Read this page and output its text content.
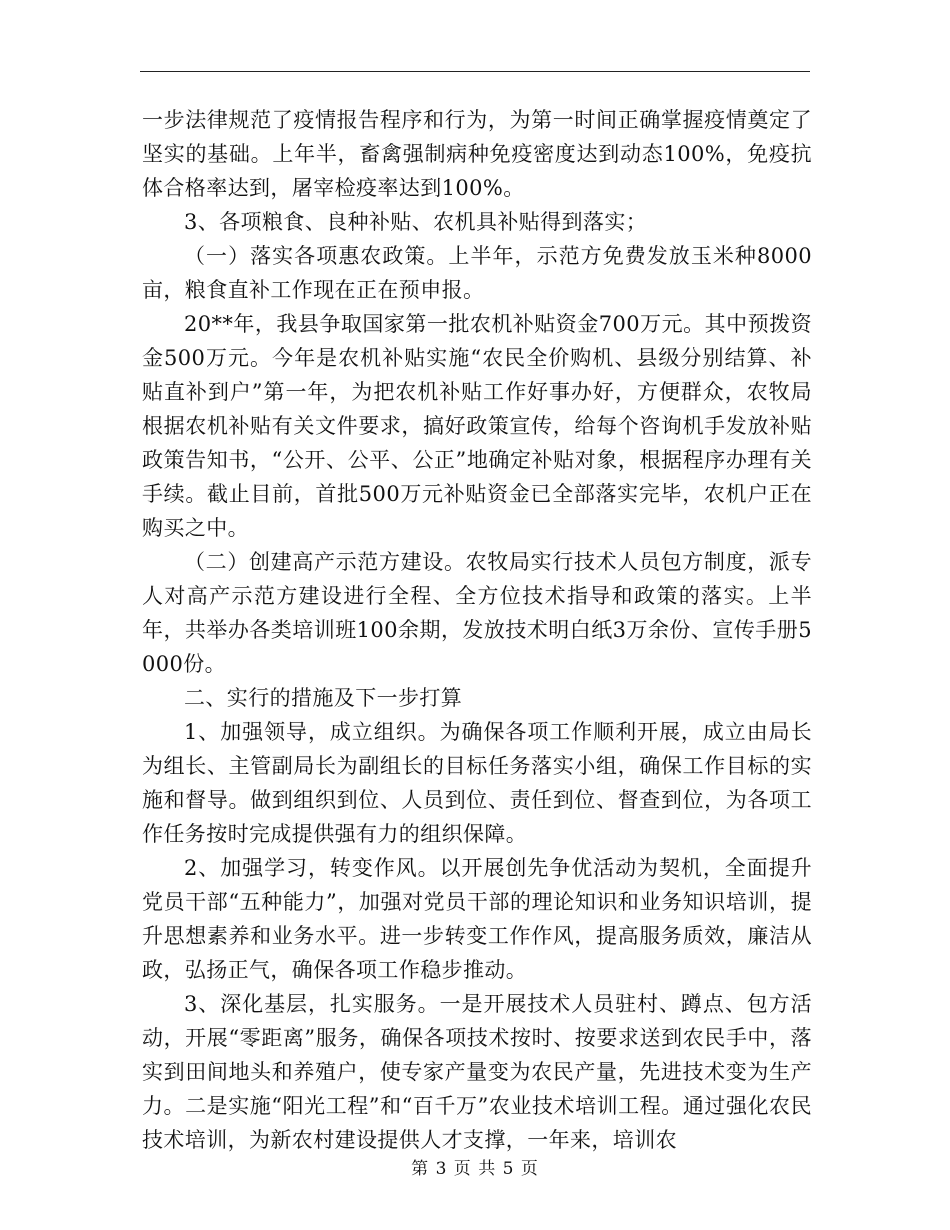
一步法律规范了疫情报告程序和行为，为第一时间正确掌握疫情奠定了坚实的基础。上年半，畜禽强制病种免疫密度达到动态100%，免疫抗体合格率达到，屠宰检疫率达到100%。

3、各项粮食、良种补贴、农机具补贴得到落实；

（一）落实各项惠农政策。上半年，示范方免费发放玉米种8000亩，粮食直补工作现在正在预申报。

20**年，我县争取国家第一批农机补贴资金700万元。其中预拨资金500万元。今年是农机补贴实施“农民全价购机、县级分别结算、补贴直补到户”第一年，为把农机补贴工作好事办好，方便群众，农牧局根据农机补贴有关文件要求，搞好政策宣传，给每个咨询机手发放补贴政策告知书，“公开、公平、公正”地确定补贴对象，根据程序办理有关手续。截止目前，首批500万元补贴资金已全部落实完毕，农机户正在购买之中。

（二）创建高产示范方建设。农牧局实行技术人员包方制度，派专人对高产示范方建设进行全程、全方位技术指导和政策的落实。上半年，共举办各类培训班100余期，发放技术明白纸3万余份、宣传手册5000份。

二、实行的措施及下一步打算

1、加强领导，成立组织。为确保各项工作顺利开展，成立由局长为组长、主管副局长为副组长的目标任务落实小组，确保工作目标的实施和督导。做到组织到位、人员到位、责任到位、督查到位，为各项工作任务按时完成提供强有力的组织保障。

2、加强学习，转变作风。以开展创先争优活动为契机，全面提升党员干部“五种能力”，加强对党员干部的理论知识和业务知识培训，提升思想素养和业务水平。进一步转变工作作风，提高服务质效，廉洁从政，弘扬正气，确保各项工作稳步推动。

3、深化基层，扎实服务。一是开展技术人员驻村、蹲点、包方活动，开展“零距离”服务，确保各项技术按时、按要求送到农民手中，落实到田间地头和养殖户，使专家产量变为农民产量，先进技术变为生产力。二是实施“阳光工程”和“百千万”农业技术培训工程。通过强化农民技术培训，为新农村建设提供人才支撑，一年来，培训农

第 3 页 共 5 页
